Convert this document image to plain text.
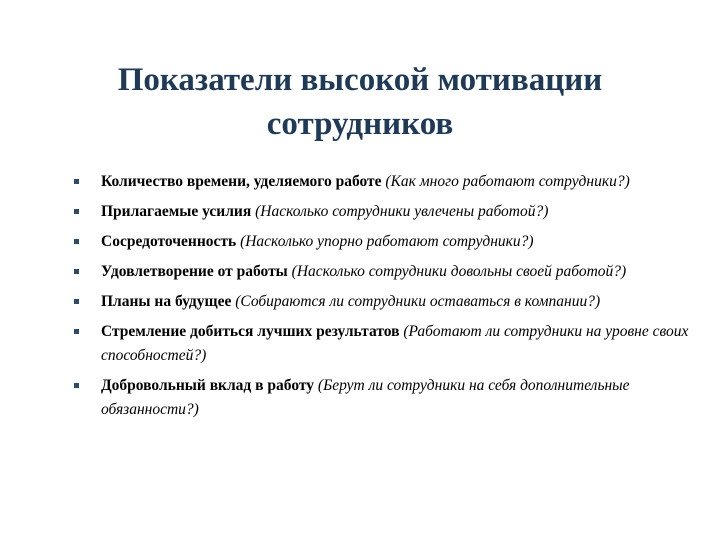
Показатели высокой мотивации
сотрудников
Количество времени, уделяемого работе (Как много работают сотрудники?)
Прилагаемые усилия (Насколько сотрудники увлечены работой?)
Сосредоточенность (Насколько упорно работают сотрудники?)
Удовлетворение от работы (Насколько сотрудники довольны своей работой?)
Планы на будущее (Собираются ли сотрудники оставаться в компании?)
Стремление добиться лучших результатов (Работают ли сотрудники на уровне своих способностей?)
Добровольный вклад в работу (Берут ли сотрудники на себя дополнительные обязанности?)
